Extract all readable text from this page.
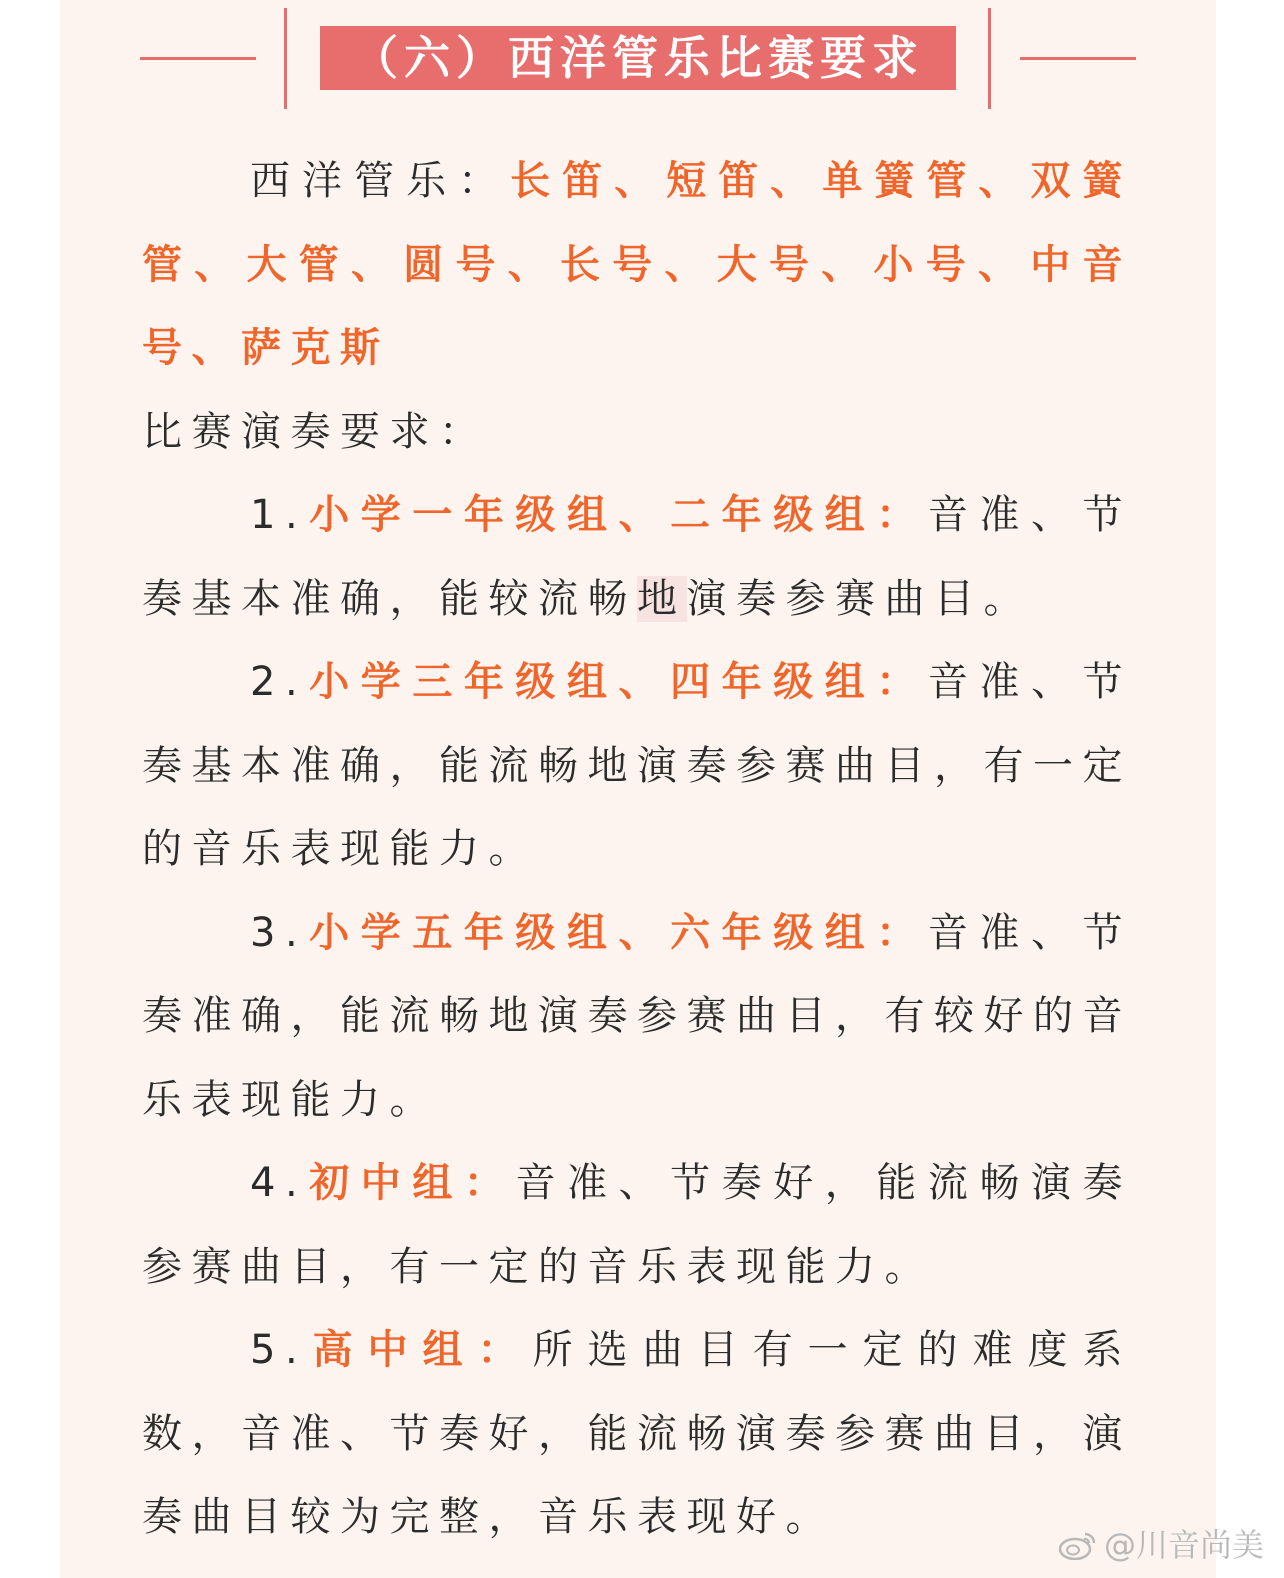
（六）西洋管乐比赛要求

西洋管乐：长笛、短笛、单簧管、双簧管、大管、圆号、长号、大号、小号、中音号、萨克斯

比赛演奏要求：

1.小学一年级组、二年级组：音准、节奏基本准确，能较流畅地演奏参赛曲目。

2.小学三年级组、四年级组：音准、节奏基本准确，能流畅地演奏参赛曲目，有一定的音乐表现能力。

3.小学五年级组、六年级组：音准、节奏准确，能流畅地演奏参赛曲目，有较好的音乐表现能力。

4.初中组：音准、节奏好，能流畅演奏参赛曲目，有一定的音乐表现能力。

5.高中组：所选曲目有一定的难度系数，音准、节奏好，能流畅演奏参赛曲目，演奏曲目较为完整，音乐表现好。

@川音尚美
